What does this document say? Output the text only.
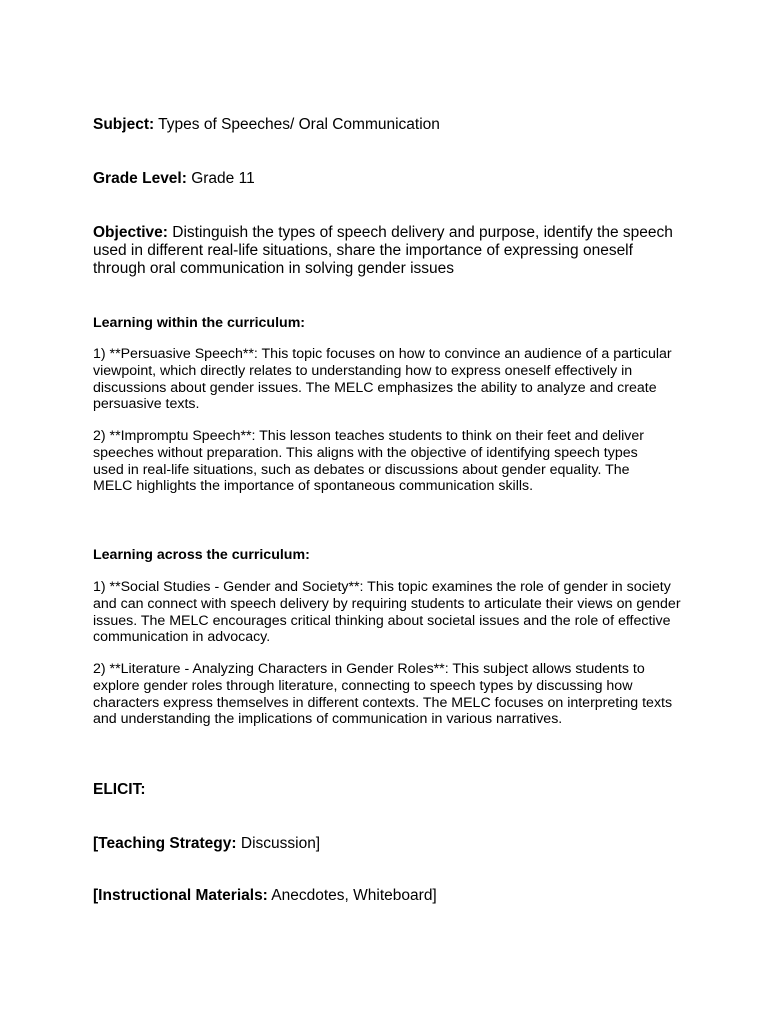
Subject: Types of Speeches/ Oral Communication

Grade Level: Grade 11

Objective: Distinguish the types of speech delivery and purpose, identify the speech used in different real-life situations, share the importance of expressing oneself through oral communication in solving gender issues

Learning within the curriculum:

1) **Persuasive Speech**: This topic focuses on how to convince an audience of a particular viewpoint, which directly relates to understanding how to express oneself effectively in discussions about gender issues. The MELC emphasizes the ability to analyze and create persuasive texts.

2) **Impromptu Speech**: This lesson teaches students to think on their feet and deliver speeches without preparation. This aligns with the objective of identifying speech types used in real-life situations, such as debates or discussions about gender equality. The MELC highlights the importance of spontaneous communication skills.

Learning across the curriculum:

1) **Social Studies - Gender and Society**: This topic examines the role of gender in society and can connect with speech delivery by requiring students to articulate their views on gender issues. The MELC encourages critical thinking about societal issues and the role of effective communication in advocacy.

2) **Literature - Analyzing Characters in Gender Roles**: This subject allows students to explore gender roles through literature, connecting to speech types by discussing how characters express themselves in different contexts. The MELC focuses on interpreting texts and understanding the implications of communication in various narratives.

ELICIT:

[Teaching Strategy: Discussion]

[Instructional Materials: Anecdotes, Whiteboard]
